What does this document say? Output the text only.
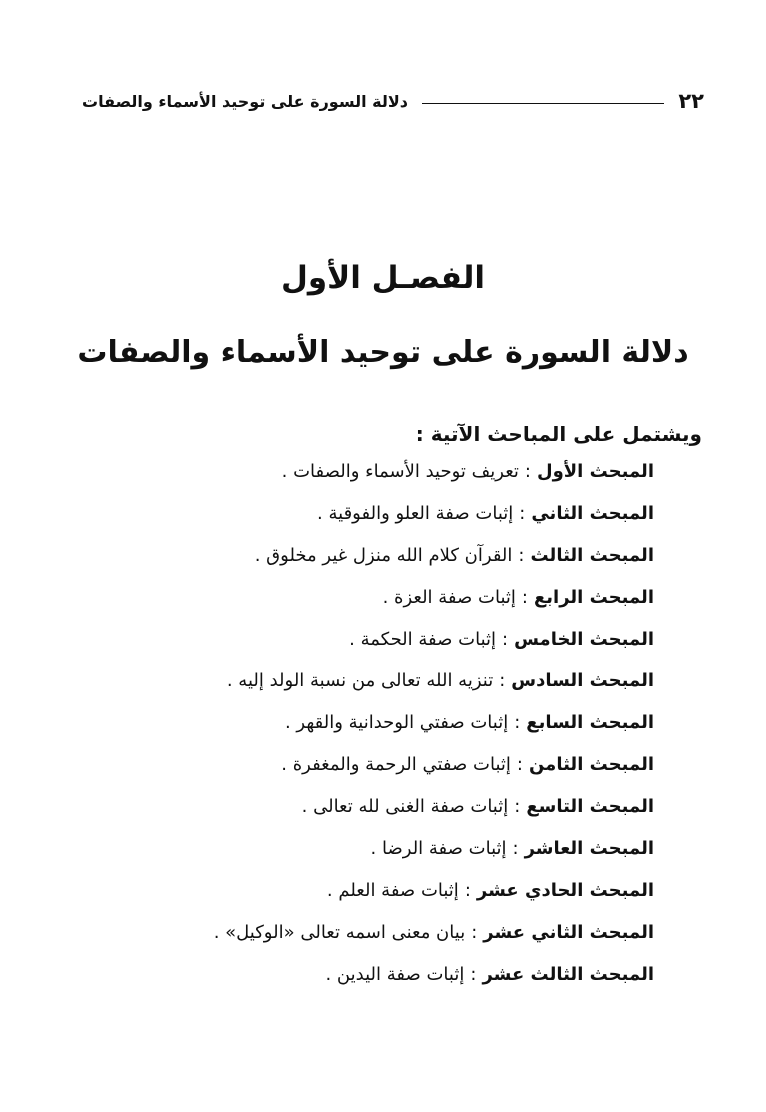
٢٢
دلالة السورة على توحيد الأسماء والصفات
الفصـل الأول
دلالة السورة على توحيد الأسماء والصفات
ويشتمل على المباحث الآتية :
المبحث الأول:تعريف توحيد الأسماء والصفات .
المبحث الثاني:إثبات صفة العلو والفوقية .
المبحث الثالث:القرآن كلام الله منزل غير مخلوق .
المبحث الرابع:إثبات صفة العزة .
المبحث الخامس:إثبات صفة الحكمة .
المبحث السادس:تنزيه الله تعالى من نسبة الولد إليه .
المبحث السابع:إثبات صفتي الوحدانية والقهر .
المبحث الثامن:إثبات صفتي الرحمة والمغفرة .
المبحث التاسع:إثبات صفة الغنى لله تعالى .
المبحث العاشر:إثبات صفة الرضا .
المبحث الحادي عشر:إثبات صفة العلم .
المبحث الثاني عشر:بيان معنى اسمه تعالى «الوكيل» .
المبحث الثالث عشر:إثبات صفة اليدين .
